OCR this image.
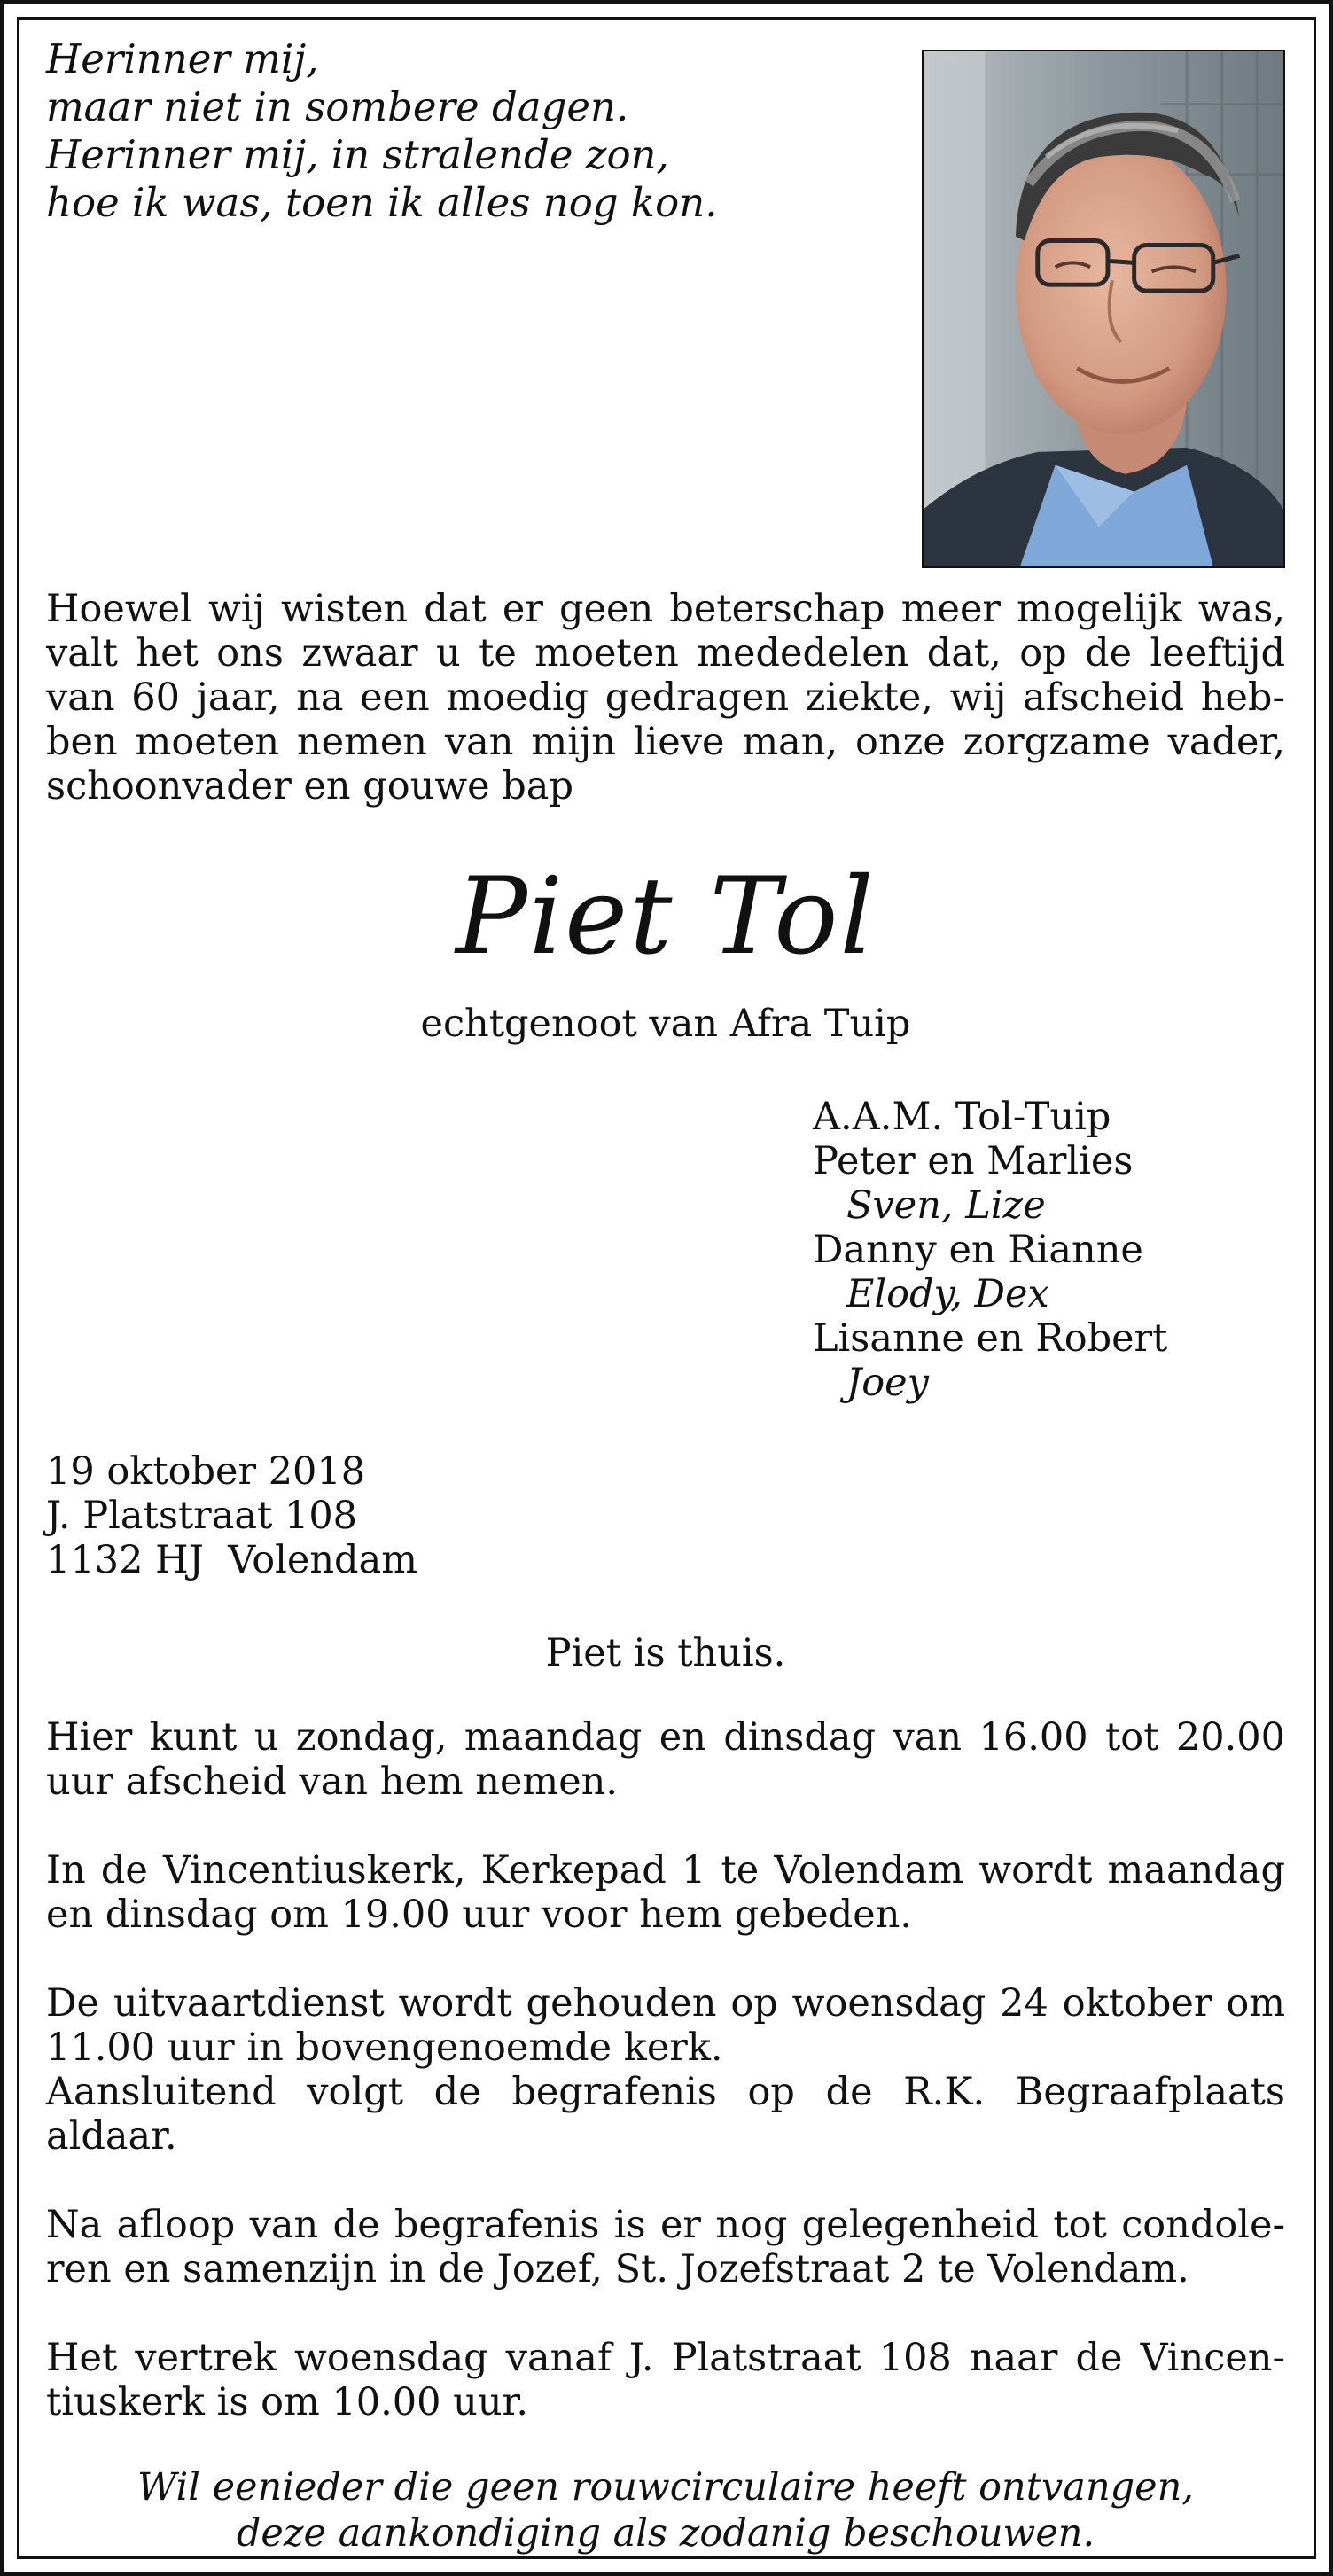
Herinner mij,
maar niet in sombere dagen.
Herinner mij, in stralende zon,
hoe ik was, toen ik alles nog kon.
Hoewel wij wisten dat er geen beterschap meer mogelijk was,
valt het ons zwaar u te moeten mededelen dat, op de leeftijd
van 60 jaar, na een moedig gedragen ziekte, wij afscheid heb-
ben moeten nemen van mijn lieve man, onze zorgzame vader,
schoonvader en gouwe bap
Piet Tol
echtgenoot van Afra Tuip
A.A.M. Tol-Tuip
Peter en Marlies
Sven, Lize
Danny en Rianne
Elody, Dex
Lisanne en Robert
Joey
19 oktober 2018
J. Platstraat 108
1132 HJ  Volendam
Piet is thuis.
Hier kunt u zondag, maandag en dinsdag van 16.00 tot 20.00
uur afscheid van hem nemen.
In de Vincentiuskerk, Kerkepad 1 te Volendam wordt maandag
en dinsdag om 19.00 uur voor hem gebeden.
De uitvaartdienst wordt gehouden op woensdag 24 oktober om
11.00 uur in bovengenoemde kerk.
Aansluitend volgt de begrafenis op de R.K. Begraafplaats
aldaar.
Na afloop van de begrafenis is er nog gelegenheid tot condole-
ren en samenzijn in de Jozef, St. Jozefstraat 2 te Volendam.
Het vertrek woensdag vanaf J. Platstraat 108 naar de Vincen-
tiuskerk is om 10.00 uur.
Wil eenieder die geen rouwcirculaire heeft ontvangen,
deze aankondiging als zodanig beschouwen.
